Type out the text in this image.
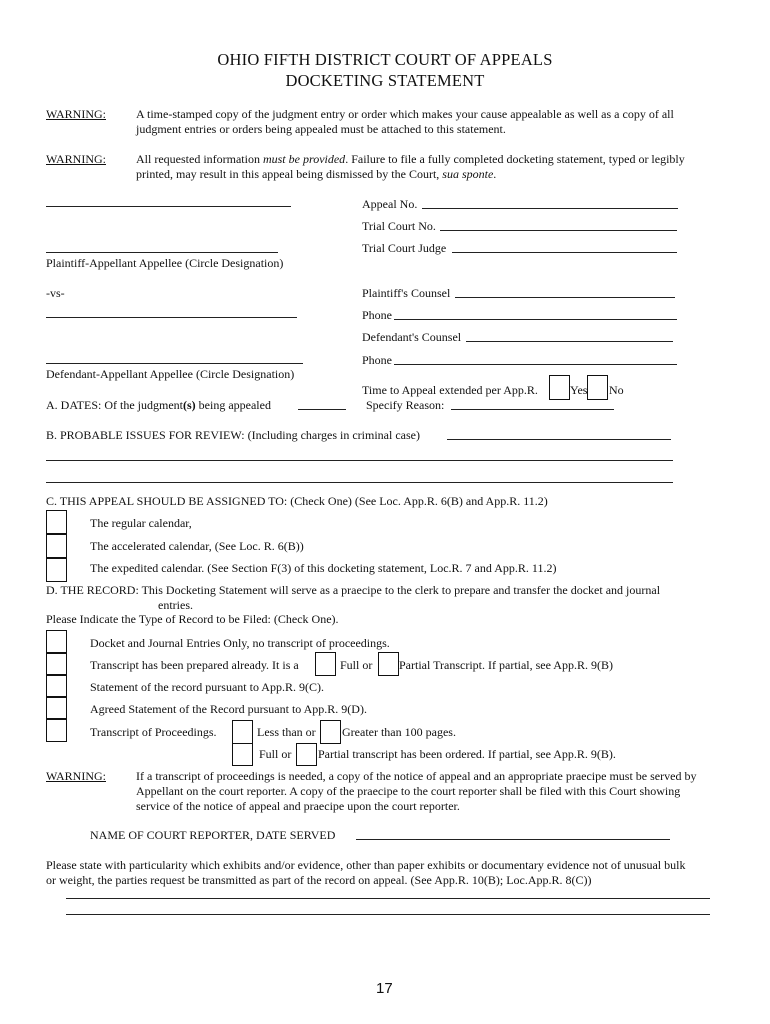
OHIO FIFTH DISTRICT COURT OF APPEALS
DOCKETING STATEMENT
WARNING:	A time-stamped copy of the judgment entry or order which makes your cause appealable as well as a copy of all
judgment entries or orders being appealed must be attached to this statement.
WARNING:	All requested information must be provided. Failure to file a fully completed docketing statement, typed or legibly
printed, may result in this appeal being dismissed by the Court, sua sponte.
Plaintiff-Appellant Appellee (Circle Designation)
-vs-
Defendant-Appellant Appellee (Circle Designation)
Appeal No.
Trial Court No.
Trial Court Judge
Plaintiff's Counsel
Phone
Defendant's Counsel
Phone
Time to Appeal extended per App.R.	Yes No
A. DATES: Of the judgment(s) being appealed	Specify Reason:
B. PROBABLE ISSUES FOR REVIEW: (Including charges in criminal case)
C. THIS APPEAL SHOULD BE ASSIGNED TO: (Check One) (See Loc. App.R. 6(B) and App.R. 11.2)
The regular calendar,
The accelerated calendar, (See Loc. R. 6(B))
The expedited calendar. (See Section F(3) of this docketing statement, Loc.R. 7 and App.R. 11.2)
D. THE RECORD: This Docketing Statement will serve as a praecipe to the clerk to prepare and transfer the docket and journal
entries.
Please Indicate the Type of Record to be Filed: (Check One).
Docket and Journal Entries Only, no transcript of proceedings.
Transcript has been prepared already. It is a	Full or Partial Transcript. If partial, see App.R. 9(B)
Statement of the record pursuant to App.R. 9(C).
Agreed Statement of the Record pursuant to App.R. 9(D).
Transcript of Proceedings.	Less than or Greater than 100 pages.
Full or Partial transcript has been ordered. If partial, see App.R. 9(B).
WARNING:	If a transcript of proceedings is needed, a copy of the notice of appeal and an appropriate praecipe must be served by
Appellant on the court reporter. A copy of the praecipe to the court reporter shall be filed with this Court showing
service of the notice of appeal and praecipe upon the court reporter.
NAME OF COURT REPORTER, DATE SERVED
Please state with particularity which exhibits and/or evidence, other than paper exhibits or documentary evidence not of unusual bulk
or weight, the parties request be transmitted as part of the record on appeal. (See App.R. 10(B); Loc.App.R. 8(C))
17
